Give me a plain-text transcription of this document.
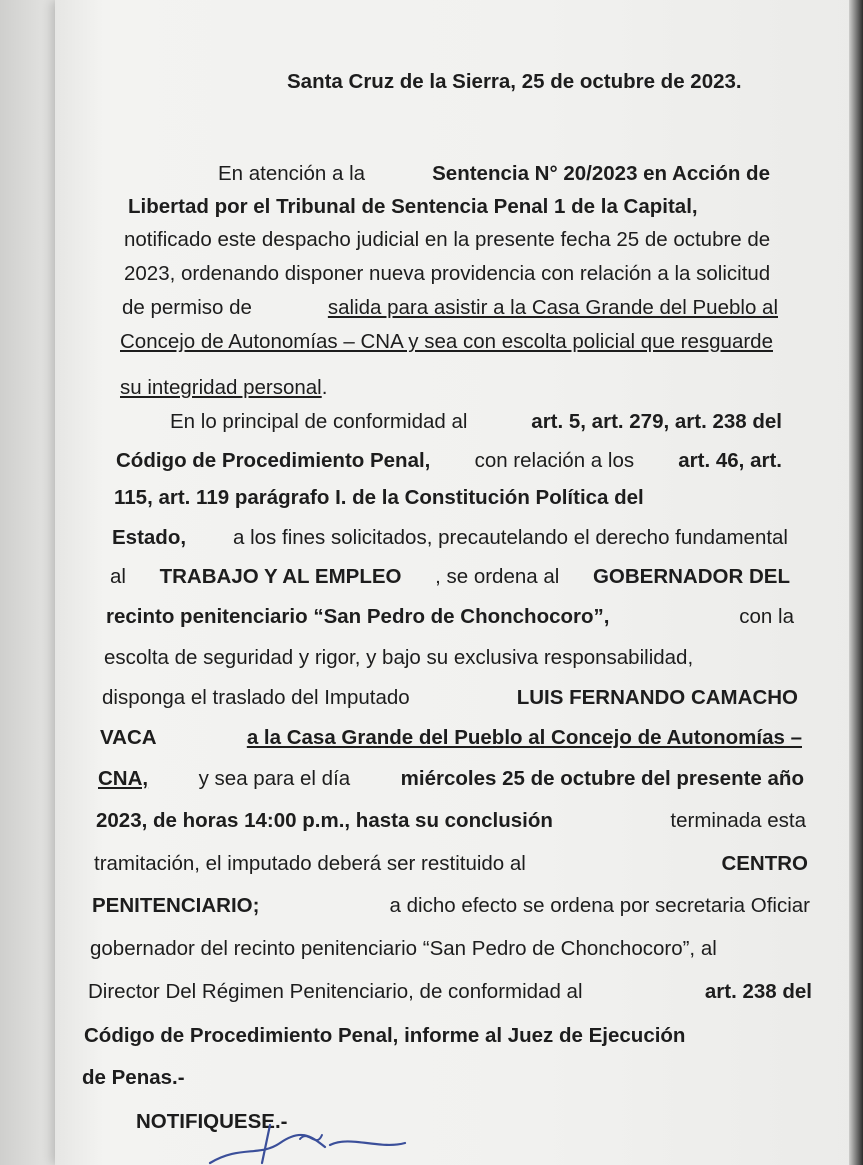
Santa Cruz de la Sierra, 25 de octubre de 2023.
En atención a la	Sentencia N° 20/2023 en Acción de
Libertad por el Tribunal de Sentencia Penal 1 de la Capital,
notificado este despacho judicial en la presente fecha 25 de octubre de
2023, ordenando disponer nueva providencia con relación a la solicitud
de permiso de	salida para asistir a la Casa Grande del Pueblo al
Concejo de Autonomías – CNA y sea con escolta policial que resguarde
su integridad personal .
En lo principal de conformidad al	art. 5, art. 279, art. 238 del
Código de Procedimiento Penal, con relación a los art. 46, art.
115, art. 119 parágrafo I. de la Constitución Política del
Estado, a los fines solicitados, precautelando el derecho fundamental
al TRABAJO Y AL EMPLEO , se ordena al GOBERNADOR DEL
recinto penitenciario “San Pedro de Chonchocoro”,	con la
escolta de seguridad y rigor, y bajo su exclusiva responsabilidad,
disponga el traslado del Imputado	LUIS FERNANDO CAMACHO
VACA	a la Casa Grande del Pueblo al Concejo de Autonomías –
CNA, y sea para el día miércoles 25 de octubre del presente año
2023, de horas 14:00 p.m., hasta su conclusión	terminada esta
tramitación, el imputado deberá ser restituido al	CENTRO
PENITENCIARIO;	a dicho efecto se ordena por secretaria Oficiar
gobernador del recinto penitenciario “San Pedro de Chonchocoro”, al
Director Del Régimen Penitenciario, de conformidad al	art. 238 del
Código de Procedimiento Penal, informe al Juez de Ejecución
de Penas.-
NOTIFIQUESE.-
